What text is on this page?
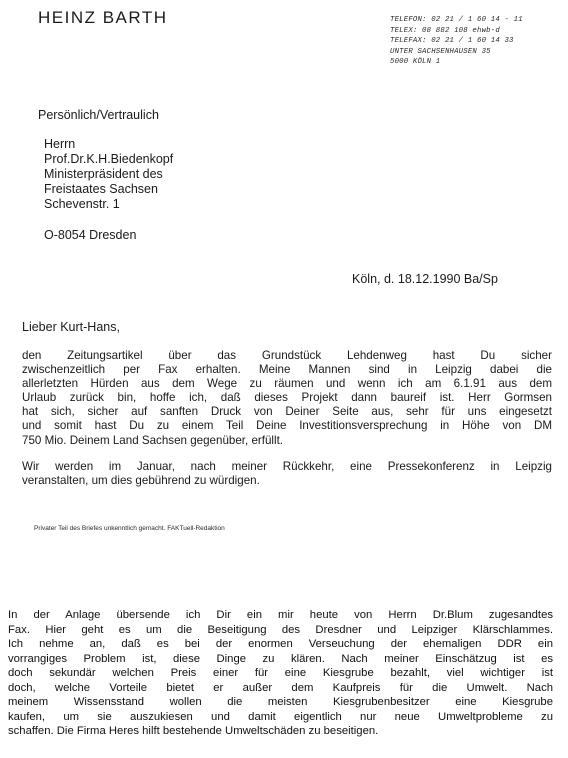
HEINZ BARTH	TELEFON: 02 21 / 1 60 14 - 11
TELEX: 08 882 108 ehwb-d
TELEFAX: 02 21 / 1 60 14 33
UNTER SACHSENHAUSEN 35
5000 KÖLN 1
Persönlich/Vertraulich
Herrn
Prof.Dr.K.H.Biedenkopf
Ministerpräsident des
Freistaates Sachsen
Schevenstr. 1
O-8054 Dresden
Köln, d. 18.12.1990 Ba/Sp
Lieber Kurt-Hans,
den Zeitungsartikel über das Grundstück Lehdenweg hast Du sicher
zwischenzeitlich per Fax erhalten. Meine Mannen sind in Leipzig dabei die
allerletzten Hürden aus dem Wege zu räumen und wenn ich am 6.1.91 aus dem
Urlaub zurück bin, hoffe ich, daß dieses Projekt dann baureif ist. Herr Gormsen
hat sich, sicher auf sanften Druck von Deiner Seite aus, sehr für uns eingesetzt
und somit hast Du zu einem Teil Deine Investitionsversprechung in Höhe von DM
750 Mio. Deinem Land Sachsen gegenüber, erfüllt.
Wir werden im Januar, nach meiner Rückkehr, eine Pressekonferenz in Leipzig
veranstalten, um dies gebührend zu würdigen.
Privater Teil des Briefes unkenntlich gemacht. FAKTuell-Redaktion
In der Anlage übersende ich Dir ein mir heute von Herrn Dr.Blum zugesandtes
Fax. Hier geht es um die Beseitigung des Dresdner und Leipziger Klärschlammes.
Ich nehme an, daß es bei der enormen Verseuchung der ehemaligen DDR ein
vorrangiges Problem ist, diese Dinge zu klären. Nach meiner Einschätzug ist es
doch sekundär welchen Preis einer für eine Kiesgrube bezahlt, viel wichtiger ist
doch, welche Vorteile bietet er außer dem Kaufpreis für die Umwelt. Nach
meinem Wissensstand wollen die meisten Kiesgrubenbesitzer eine Kiesgrube
kaufen, um sie auszukiesen und damit eigentlich nur neue Umweltprobleme zu
schaffen. Die Firma Heres hilft bestehende Umweltschäden zu beseitigen.
